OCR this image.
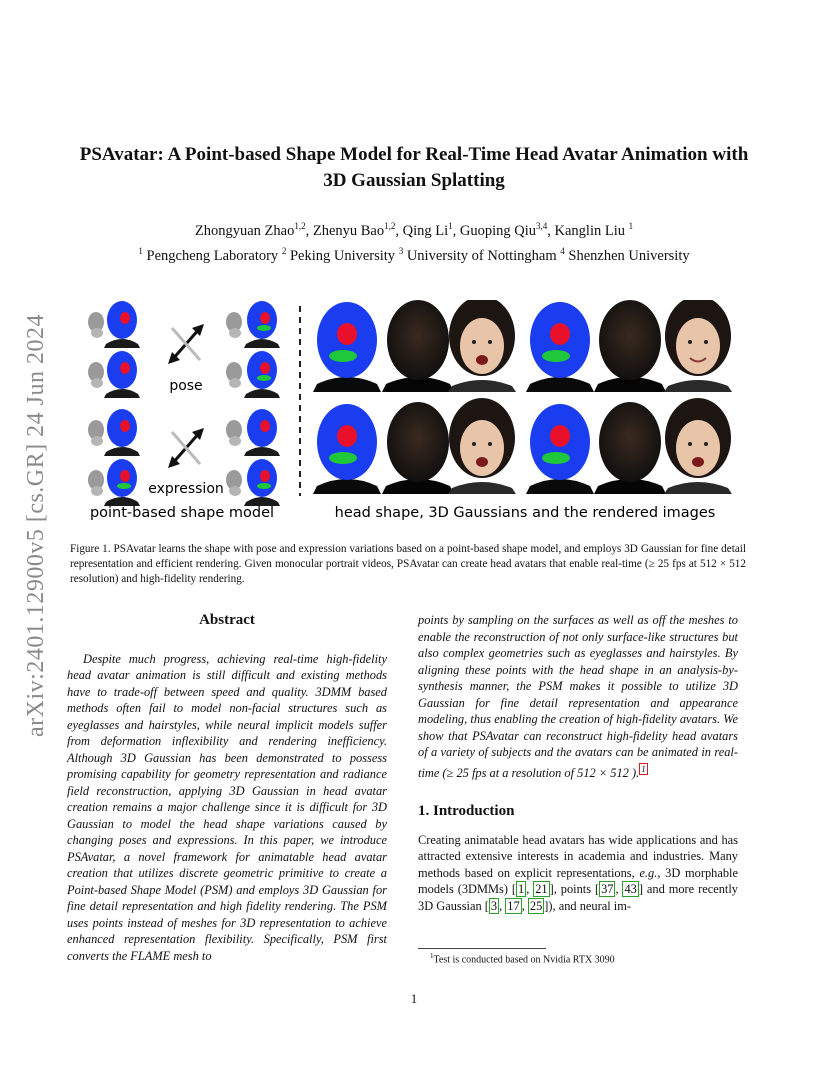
arXiv:2401.12900v5 [cs.GR] 24 Jun 2024
PSAvatar: A Point-based Shape Model for Real-Time Head Avatar Animation with 3D Gaussian Splatting
Zhongyuan Zhao$^{1,2}$, Zhenyu Bao$^{1,2}$, Qing Li$^1$, Guoping Qiu$^{3,4}$, Kanglin Liu $^1$
$^1$ Pengcheng Laboratory $^2$ Peking University $^3$ University of Nottingham $^4$ Shenzhen University
pose
expression
point-based shape model	head shape, 3D Gaussians and the rendered images
Figure 1. PSAvatar learns the shape with pose and expression variations based on a point-based shape model, and employs 3D Gaussian for fine detail representation and efficient rendering. Given monocular portrait videos, PSAvatar can create head avatars that enable real-time (≥ 25 fps at 512 × 512 resolution) and high-fidelity rendering.
Abstract

Despite much progress, achieving real-time high-fidelity head avatar animation is still difficult and existing methods have to trade-off between speed and quality. 3DMM based methods often fail to model non-facial structures such as eyeglasses and hairstyles, while neural implicit models suffer from deformation inflexibility and rendering inefficiency. Although 3D Gaussian has been demonstrated to possess promising capability for geometry representation and radiance field reconstruction, applying 3D Gaussian in head avatar creation remains a major challenge since it is difficult for 3D Gaussian to model the head shape variations caused by changing poses and expressions. In this paper, we introduce PSAvatar, a novel framework for animatable head avatar creation that utilizes discrete geometric primitive to create a Point-based Shape Model (PSM) and employs 3D Gaussian for fine detail representation and high fidelity rendering. The PSM uses points instead of meshes for 3D representation to achieve enhanced representation flexibility. Specifically, PSM first converts the FLAME mesh to

points by sampling on the surfaces as well as off the meshes to enable the reconstruction of not only surface-like structures but also complex geometries such as eyeglasses and hairstyles. By aligning these points with the head shape in an analysis-by-synthesis manner, the PSM makes it possible to utilize 3D Gaussian for fine detail representation and appearance modeling, thus enabling the creation of high-fidelity avatars. We show that PSAvatar can reconstruct high-fidelity head avatars of a variety of subjects and the avatars can be animated in real-time (≥ 25 fps at a resolution of 512 × 512 ). $^1$

1. Introduction

Creating animatable head avatars has wide applications and has attracted extensive interests in academia and industries. Many methods based on explicit representations, e.g., 3D morphable models (3DMMs) [ 1 , 21 ], points [ 37 , 43 ] and more recently 3D Gaussian [ 3 , 17 , 25 ]), and neural im-

$^1$Test is conducted based on Nvidia RTX 3090
1
